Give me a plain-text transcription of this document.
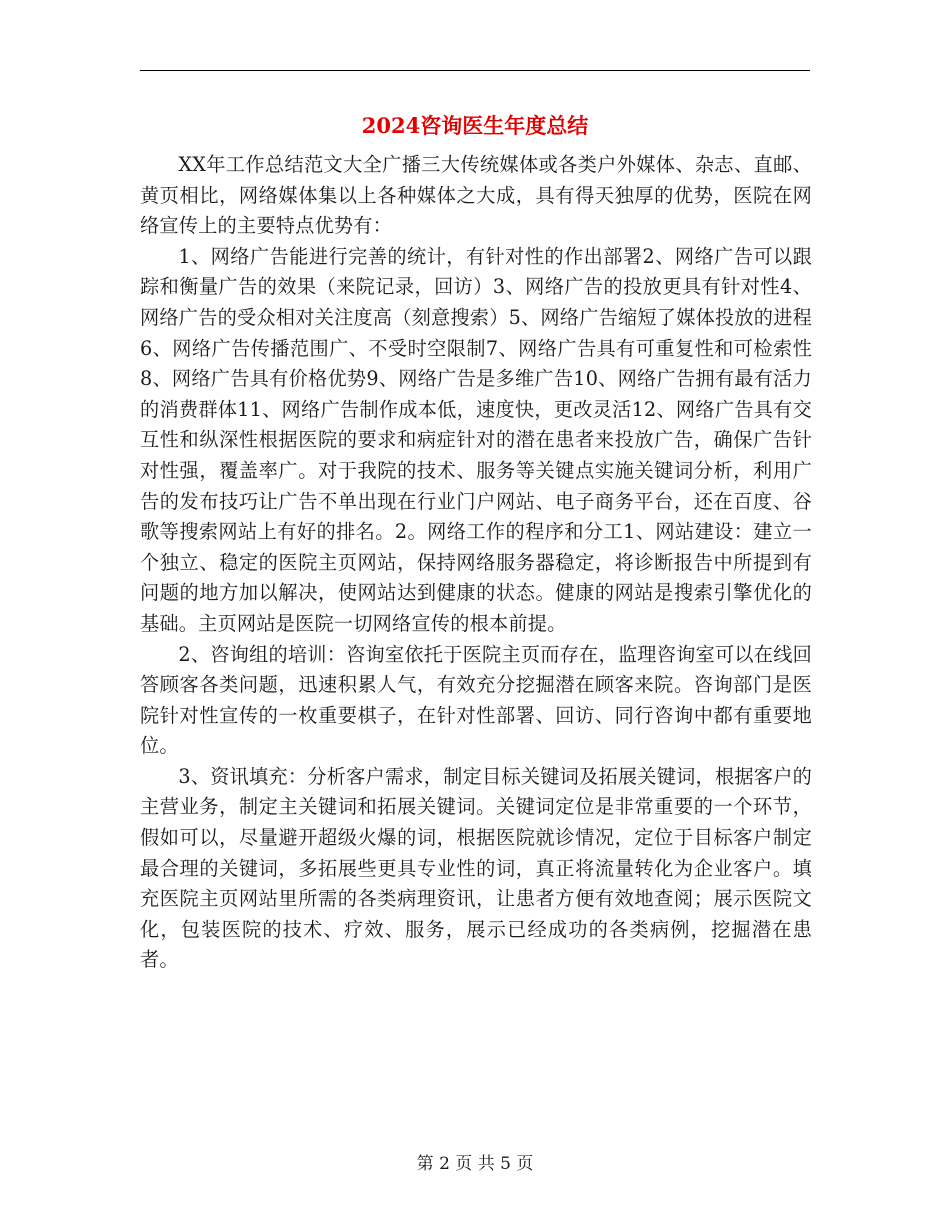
2024咨询医生年度总结

XX年工作总结范文大全广播三大传统媒体或各类户外媒体、杂志、直邮、黄页相比，网络媒体集以上各种媒体之大成，具有得天独厚的优势，医院在网络宣传上的主要特点优势有：

1、网络广告能进行完善的统计，有针对性的作出部署2、网络广告可以跟踪和衡量广告的效果（来院记录，回访）3、网络广告的投放更具有针对性4、网络广告的受众相对关注度高（刻意搜索）5、网络广告缩短了媒体投放的进程6、网络广告传播范围广、不受时空限制7、网络广告具有可重复性和可检索性8、网络广告具有价格优势9、网络广告是多维广告10、网络广告拥有最有活力的消费群体11、网络广告制作成本低，速度快，更改灵活12、网络广告具有交互性和纵深性根据医院的要求和病症针对的潜在患者来投放广告，确保广告针对性强，覆盖率广。对于我院的技术、服务等关键点实施关键词分析，利用广告的发布技巧让广告不单出现在行业门户网站、电子商务平台，还在百度、谷歌等搜索网站上有好的排名。2。网络工作的程序和分工1、网站建设：建立一个独立、稳定的医院主页网站，保持网络服务器稳定，将诊断报告中所提到有问题的地方加以解决，使网站达到健康的状态。健康的网站是搜索引擎优化的基础。主页网站是医院一切网络宣传的根本前提。

2、咨询组的培训：咨询室依托于医院主页而存在，监理咨询室可以在线回答顾客各类问题，迅速积累人气，有效充分挖掘潜在顾客来院。咨询部门是医院针对性宣传的一枚重要棋子，在针对性部署、回访、同行咨询中都有重要地位。

3、资讯填充：分析客户需求，制定目标关键词及拓展关键词，根据客户的主营业务，制定主关键词和拓展关键词。关键词定位是非常重要的一个环节，假如可以，尽量避开超级火爆的词，根据医院就诊情况，定位于目标客户制定最合理的关键词，多拓展些更具专业性的词，真正将流量转化为企业客户。填充医院主页网站里所需的各类病理资讯，让患者方便有效地查阅；展示医院文化，包装医院的技术、疗效、服务，展示已经成功的各类病例，挖掘潜在患者。

第 2 页 共 5 页
